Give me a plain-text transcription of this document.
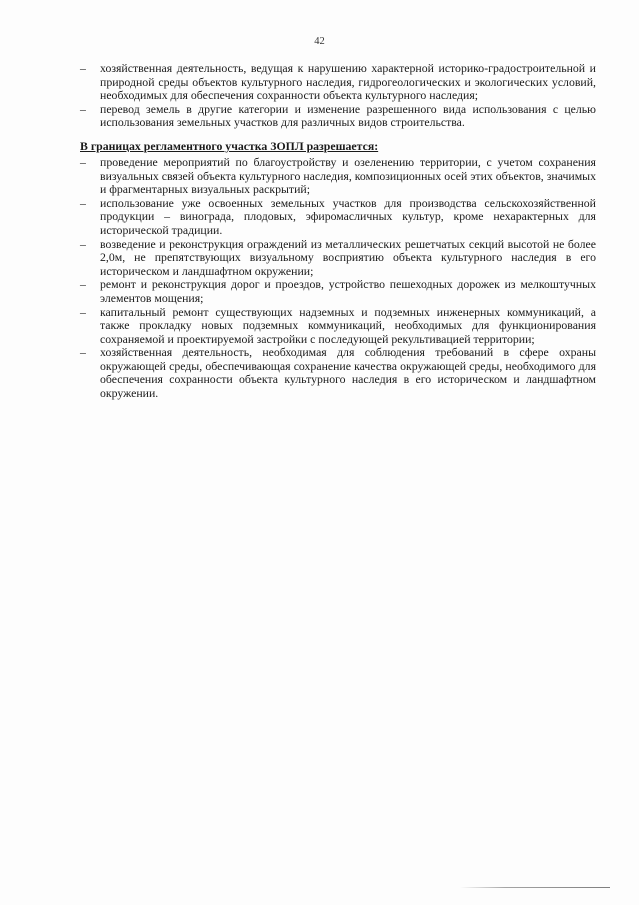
42

– хозяйственная деятельность, ведущая к нарушению характерной историко-градостроительной и природной среды объектов культурного наследия, гидрогеологических и экологических условий, необходимых для обеспечения сохранности объекта культурного наследия;

– перевод земель в другие категории и изменение разрешенного вида использования с целью использования земельных участков для различных видов строительства.

В границах регламентного участка ЗОПЛ разрешается:

– проведение мероприятий по благоустройству и озеленению территории, с учетом сохранения визуальных связей объекта культурного наследия, композиционных осей этих объектов, значимых и фрагментарных визуальных раскрытий;

– использование уже освоенных земельных участков для производства сельскохозяйственной продукции – винограда, плодовых, эфиромасличных культур, кроме нехарактерных для исторической традиции.

– возведение и реконструкция ограждений из металлических решетчатых секций высотой не более 2,0м, не препятствующих визуальному восприятию объекта культурного наследия в его историческом и ландшафтном окружении;

– ремонт и реконструкция дорог и проездов, устройство пешеходных дорожек из мелкоштучных элементов мощения;

– капитальный ремонт существующих надземных и подземных инженерных коммуникаций, а также прокладку новых подземных коммуникаций, необходимых для функционирования сохраняемой и проектируемой застройки с последующей рекультивацией территории;

– хозяйственная деятельность, необходимая для соблюдения требований в сфере охраны окружающей среды, обеспечивающая сохранение качества окружающей среды, необходимого для обеспечения сохранности объекта культурного наследия в его историческом и ландшафтном окружении.
